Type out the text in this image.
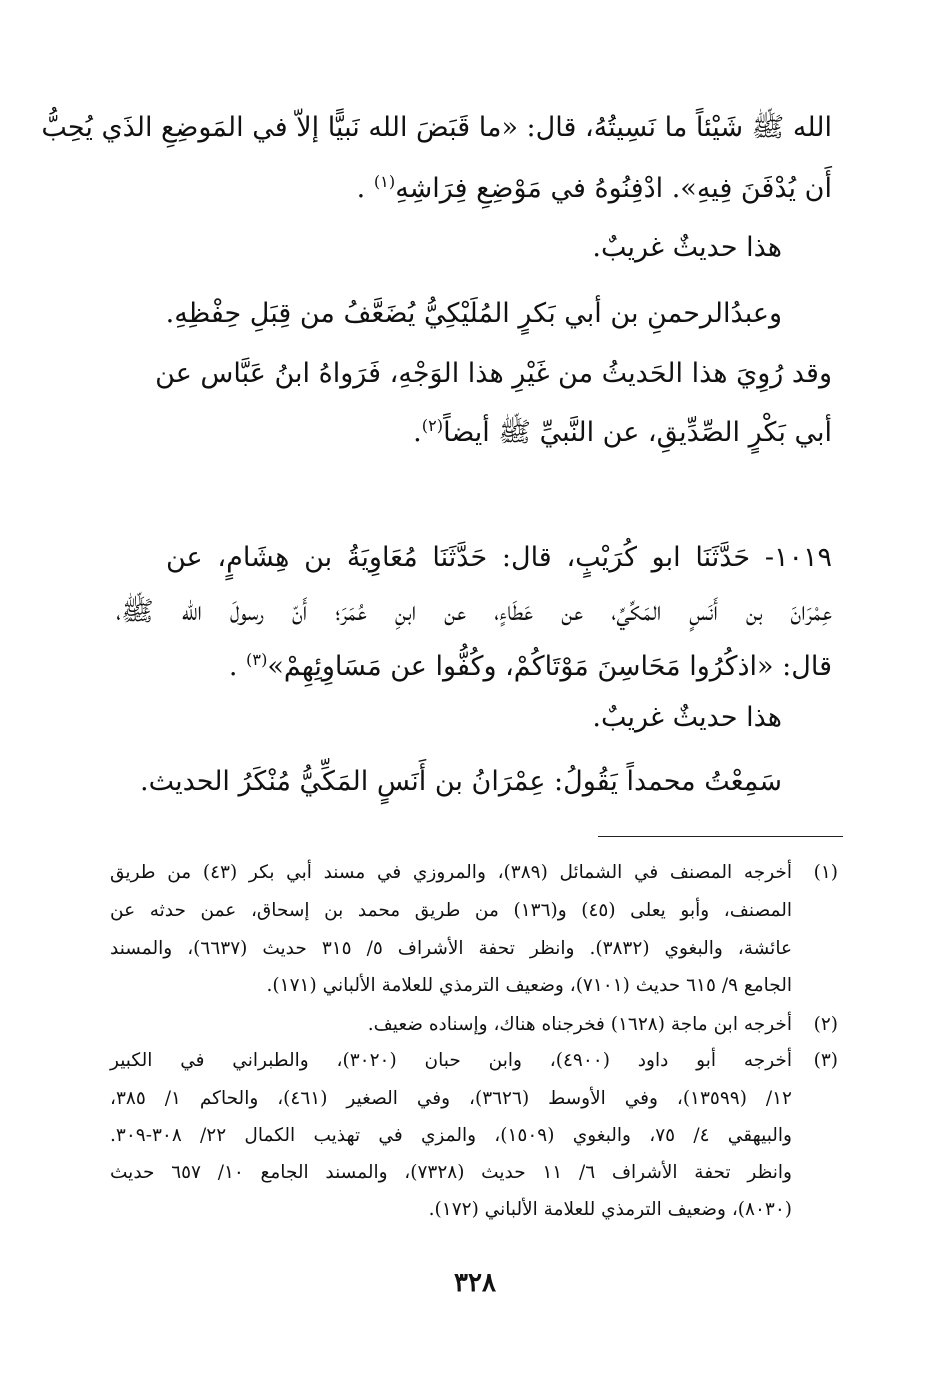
الله ﷺ شَيْئاً ما نَسِيتُهُ، قال: «ما قَبَضَ الله نَبيًّا إلاّ في المَوضِعِ الذَي يُحِبُّ
أَن يُدْفَنَ فِيهِ». ادْفِنُوهُ في مَوْضِعِ فِرَاشِهِ$^{(١)}$ .
هذا حديثٌ غريبٌ.
وعبدُالرحمنِ بن أبي بَكرٍ المُلَيْكِيُّ يُضَعَّفُ من قِبَلِ حِفْظِهِ.
وقد رُوِيَ هذا الحَديثُ من غَيْرِ هذا الوَجْهِ، فَرَواهُ ابنُ عَبَّاس عن
أبي بَكْرٍ الصِّدِّيقِ، عن النَّبيِّ ﷺ أيضاً$^{(٢)}$.
١٠١٩- حَدَّثَنَا ابو كُرَيْبٍ، قال: حَدَّثَنَا مُعَاوِيَةُ بن هِشَامٍ، عن
عِمْرَانَ بن أَنَسٍ المَكِّيِّ، عن عَطَاءٍ، عن ابنِ عُمَرَ؛ أَنّ رسولَ الله ﷺ،
قال: «اذكُرُوا مَحَاسِنَ مَوْتَاكُمْ، وكُفُّوا عن مَسَاوِئِهِمْ»$^{(٣)}$ .
هذا حديثٌ غريبٌ.
سَمِعْتُ محمداً يَقُولُ: عِمْرَانُ بن أَنَسٍ المَكِّيُّ مُنْكَرُ الحديث.
(١)
أخرجه المصنف في الشمائل (٣٨٩)، والمروزي في مسند أبي بكر (٤٣) من طريق
المصنف، وأبو يعلى (٤٥) و(١٣٦) من طريق محمد بن إسحاق، عمن حدثه عن
عائشة، والبغوي (٣٨٣٢). وانظر تحفة الأشراف ٥/ ٣١٥ حديث (٦٦٣٧)، والمسند
الجامع ٩/ ٦١٥ حديث (٧١٠١)، وضعيف الترمذي للعلامة الألباني (١٧١).
(٢)
أخرجه ابن ماجة (١٦٢٨) فخرجناه هناك، وإسناده ضعيف.
(٣)
أخرجه أبو داود (٤٩٠٠)، وابن حبان (٣٠٢٠)، والطبراني في الكبير
١٢/ (١٣٥٩٩)، وفي الأوسط (٣٦٢٦)، وفي الصغير (٤٦١)، والحاكم ١/ ٣٨٥،
والبيهقي ٤/ ٧٥، والبغوي (١٥٠٩)، والمزي في تهذيب الكمال ٢٢/ ٣٠٨-٣٠٩.
وانظر تحفة الأشراف ٦/ ١١ حديث (٧٣٢٨)، والمسند الجامع ١٠/ ٦٥٧ حديث
(٨٠٣٠)، وضعيف الترمذي للعلامة الألباني (١٧٢).
٣٢٨
